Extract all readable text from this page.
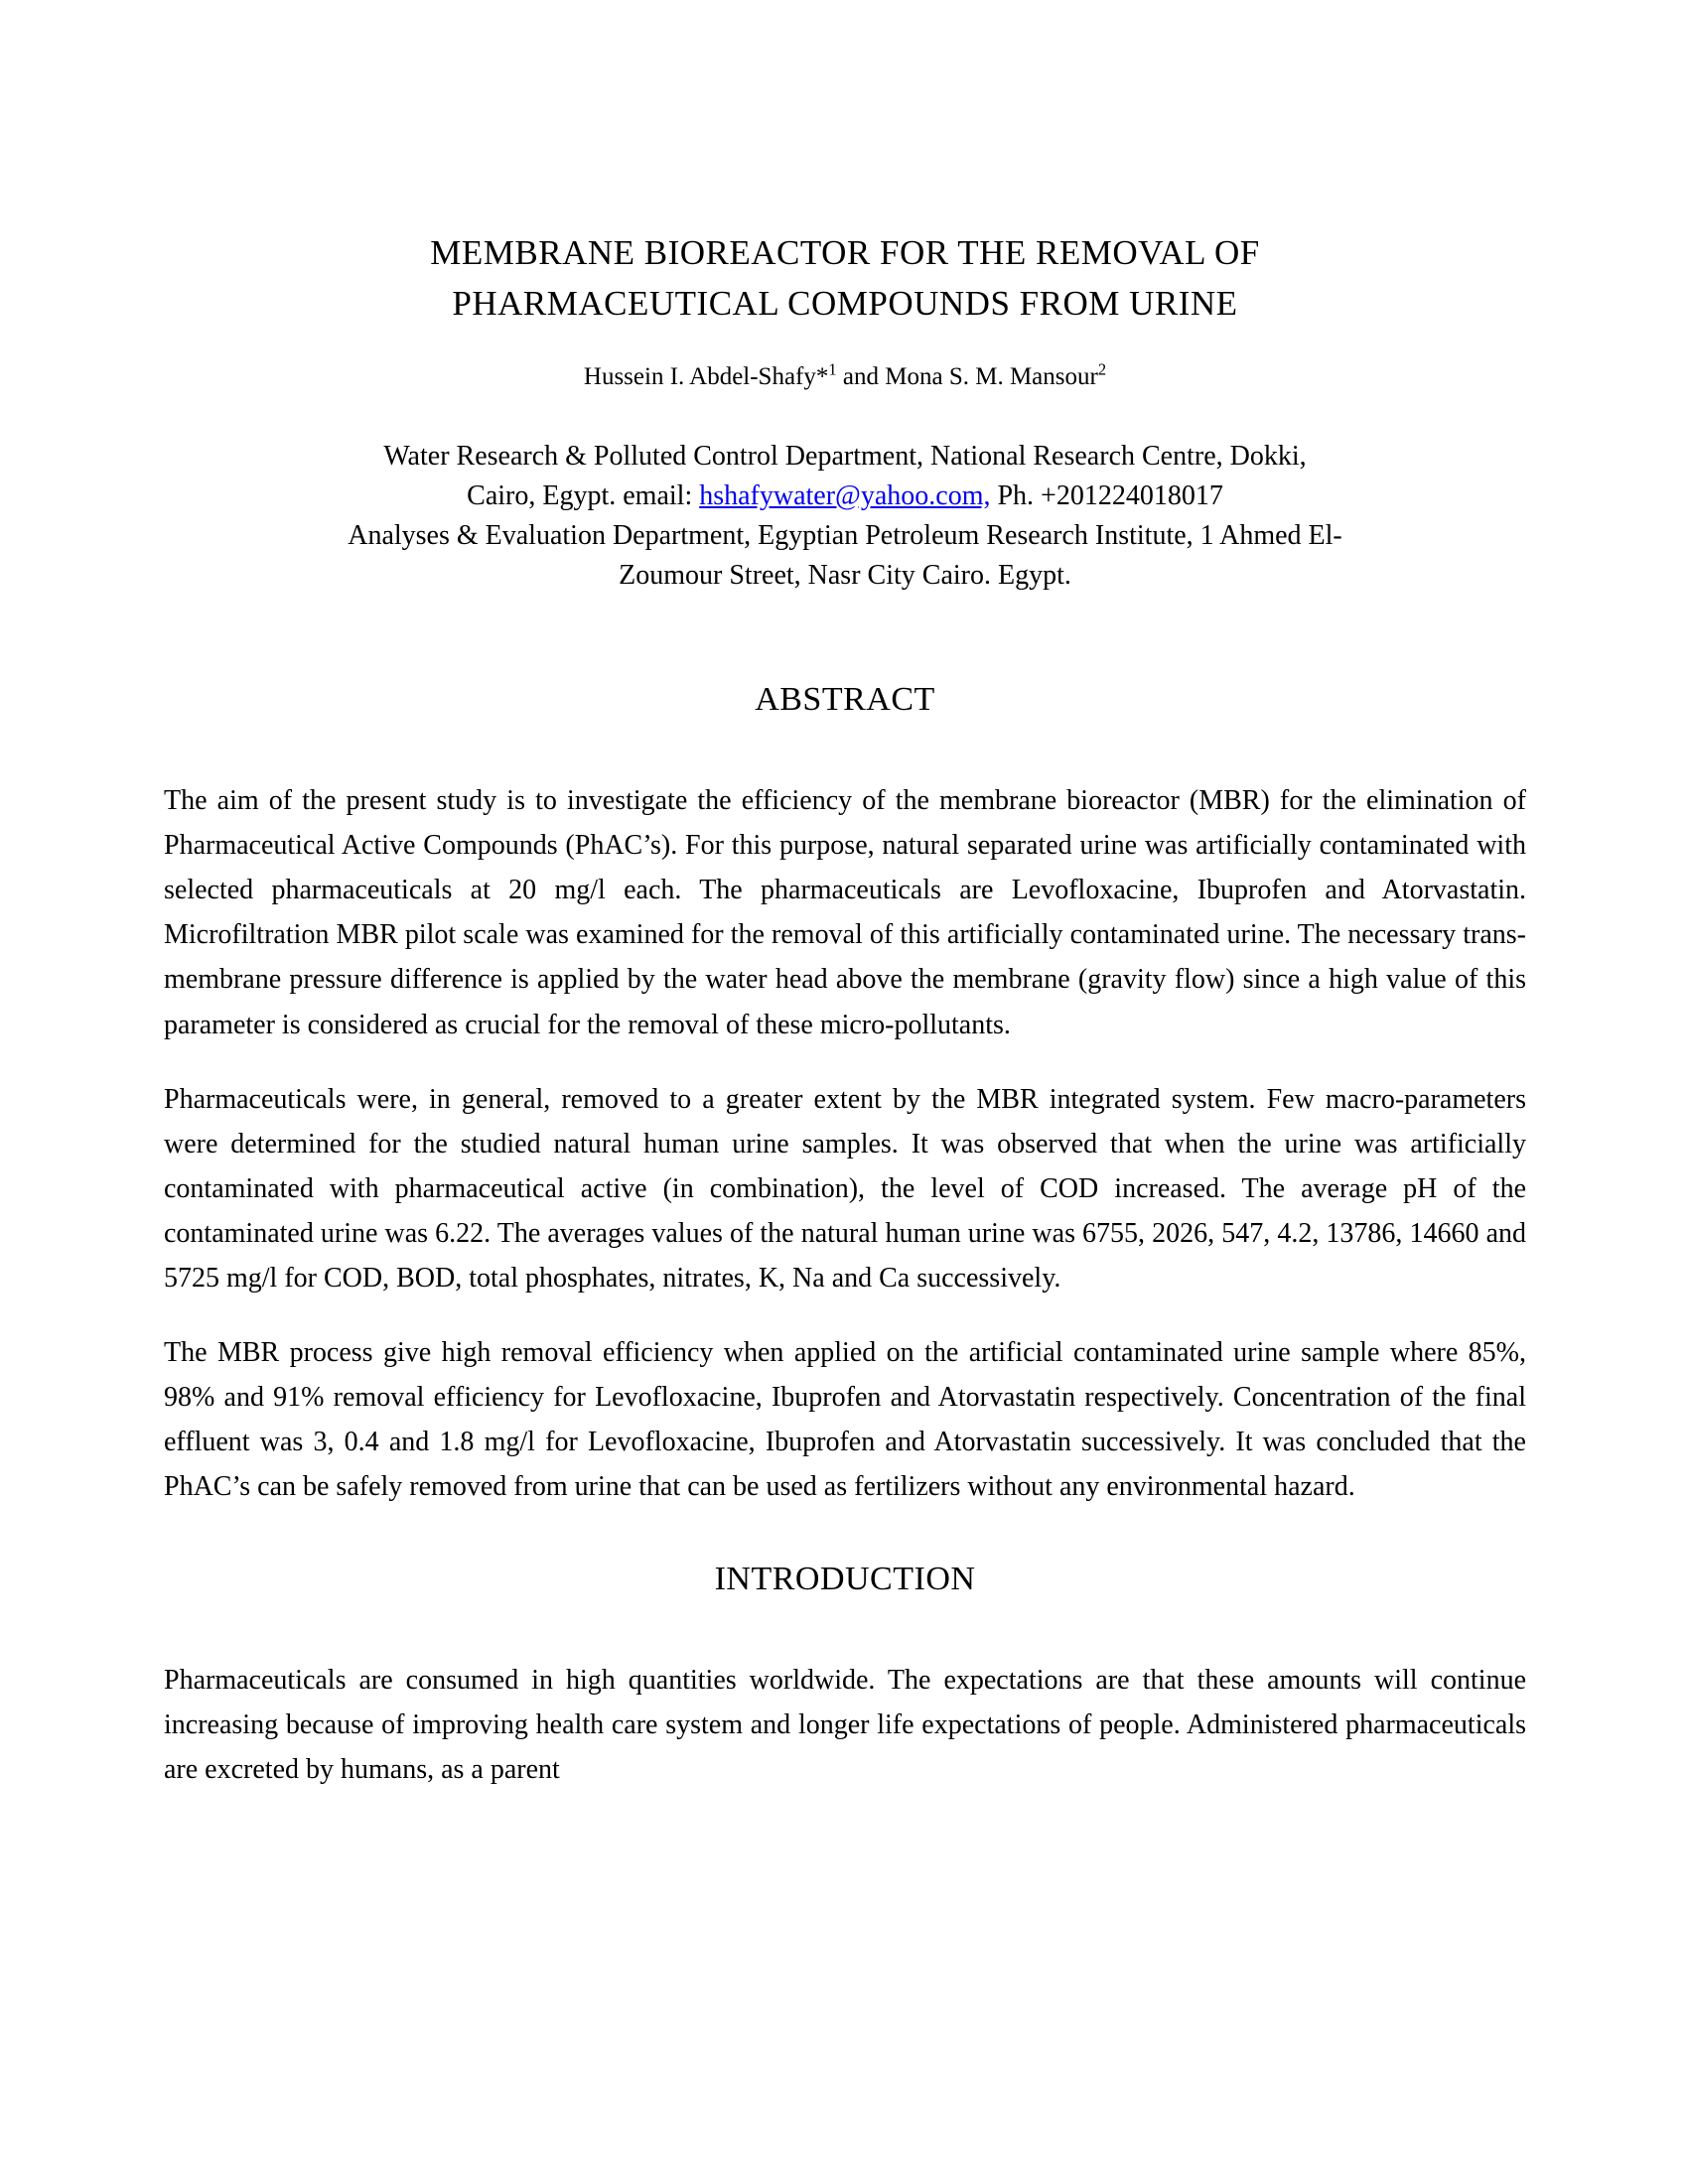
MEMBRANE BIOREACTOR FOR THE REMOVAL OF
PHARMACEUTICAL COMPOUNDS FROM URINE

Hussein I. Abdel-Shafy*$^1$ and Mona S. M. Mansour$^2$

Water Research & Polluted Control Department, National Research Centre, Dokki,
Cairo, Egypt. email: hshafywater@yahoo.com, Ph. +201224018017
Analyses & Evaluation Department, Egyptian Petroleum Research Institute, 1 Ahmed El-
Zoumour Street, Nasr City Cairo. Egypt.
ABSTRACT

The aim of the present study is to investigate the efficiency of the membrane bioreactor (MBR) for the elimination of Pharmaceutical Active Compounds (PhAC’s). For this purpose, natural separated urine was artificially contaminated with selected pharmaceuticals at 20 mg/l each. The pharmaceuticals are Levofloxacine, Ibuprofen and Atorvastatin. Microfiltration MBR pilot scale was examined for the removal of this artificially contaminated urine. The necessary trans-membrane pressure difference is applied by the water head above the membrane (gravity flow) since a high value of this parameter is considered as crucial for the removal of these micro-pollutants.

Pharmaceuticals were, in general, removed to a greater extent by the MBR integrated system. Few macro-parameters were determined for the studied natural human urine samples. It was observed that when the urine was artificially contaminated with pharmaceutical active (in combination), the level of COD increased. The average pH of the contaminated urine was 6.22. The averages values of the natural human urine was 6755, 2026, 547, 4.2, 13786, 14660 and 5725 mg/l for COD, BOD, total phosphates, nitrates, K, Na and Ca successively.

The MBR process give high removal efficiency when applied on the artificial contaminated urine sample where 85%, 98% and 91% removal efficiency for Levofloxacine, Ibuprofen and Atorvastatin respectively. Concentration of the final effluent was 3, 0.4 and 1.8 mg/l for Levofloxacine, Ibuprofen and Atorvastatin successively. It was concluded that the PhAC’s can be safely removed from urine that can be used as fertilizers without any environmental hazard.

INTRODUCTION

Pharmaceuticals are consumed in high quantities worldwide. The expectations are that these amounts will continue increasing because of improving health care system and longer life expectations of people. Administered pharmaceuticals are excreted by humans, as a parent
